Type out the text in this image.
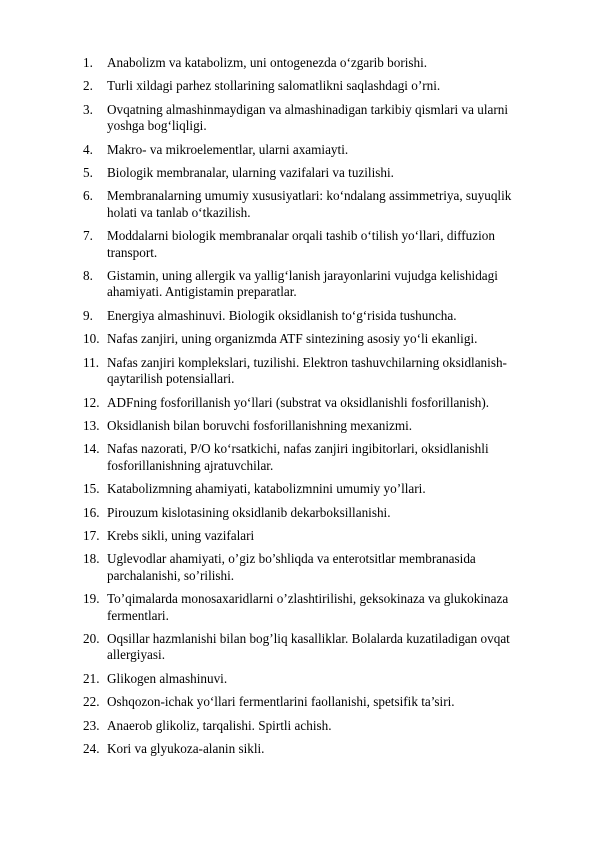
1. Anabolizm va katabolizm, uni ontogenezda o‘zgarib borishi.
2. Turli xildagi parhez stollarining salomatlikni saqlashdagi o’rni.
3. Ovqatning almashinmaydigan va almashinadigan tarkibiy qismlari va ularni yoshga bog‘liqligi.
4. Makro- va mikroelementlar, ularni axamiayti.
5. Biologik membranalar, ularning vazifalari va tuzilishi.
6. Membranalarning umumiy xususiyatlari: ko‘ndalang assimmetriya, suyuqlik holati va tanlab o‘tkazilish.
7. Moddalarni biologik membranalar orqali tashib o‘tilish yo‘llari, diffuzion transport.
8. Gistamin, uning allergik va yallig‘lanish jarayonlarini vujudga kelishidagi ahamiyati. Antigistamin preparatlar.
9. Energiya almashinuvi. Biologik oksidlanish to‘g‘risida tushuncha.
10. Nafas zanjiri, uning organizmda ATF sintezining asosiy yo‘li ekanligi.
11. Nafas zanjiri komplekslari, tuzilishi. Elektron tashuvchilarning oksidlanish-qaytarilish potensiallari.
12. ADFning fosforillanish yo‘llari (substrat va oksidlanishli fosforillanish).
13. Oksidlanish bilan boruvchi fosforillanishning mexanizmi.
14. Nafas nazorati, P/O ko‘rsatkichi, nafas zanjiri ingibitorlari, oksidlanishli fosforillanishning ajratuvchilar.
15. Katabolizmning ahamiyati, katabolizmnini umumiy yo’llari.
16. Pirouzum kislotasining oksidlanib dekarboksillanishi.
17. Krebs sikli, uning vazifalari
18. Uglevodlar ahamiyati, o’giz bo’shliqda va enterotsitlar membranasida parchalanishi, so’rilishi.
19. To’qimalarda monosaxaridlarni o’zlashtirilishi, geksokinaza va glukokinaza fermentlari.
20. Oqsillar hazmlanishi bilan bog’liq kasalliklar. Bolalarda kuzatiladigan ovqat allergiyasi.
21. Glikogen almashinuvi.
22. Oshqozon-ichak yo‘llari fermentlarini faollanishi, spetsifik ta’siri.
23. Anaerob glikoliz, tarqalishi. Spirtli achish.
24. Kori va glyukoza-alanin sikli.
